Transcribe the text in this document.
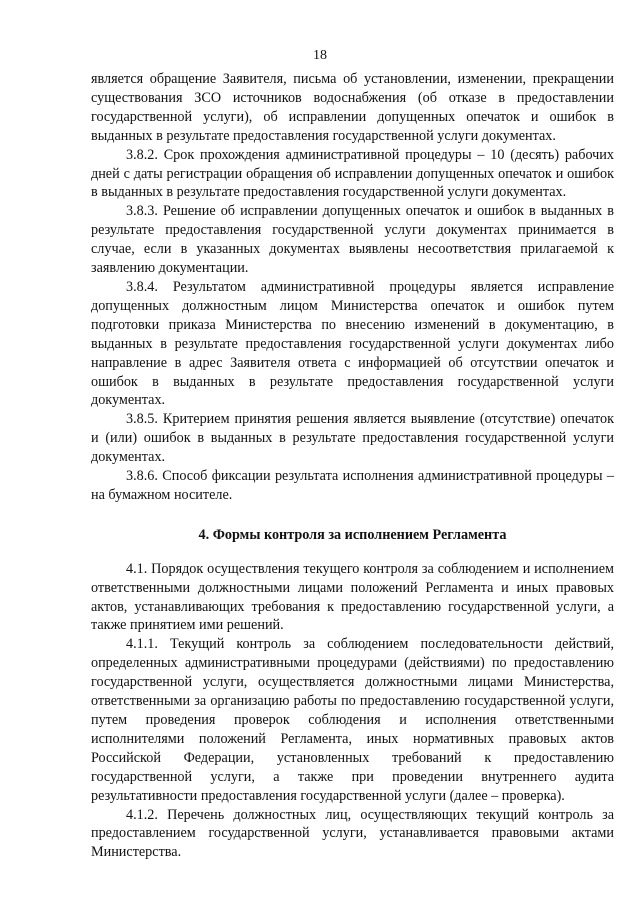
18

является обращение Заявителя, письма об установлении, изменении, прекращении существования ЗСО источников водоснабжения (об отказе в предоставлении государственной услуги), об исправлении допущенных опечаток и ошибок в выданных в результате предоставления государственной услуги документах.

3.8.2. Срок прохождения административной процедуры – 10 (десять) рабочих дней с даты регистрации обращения об исправлении допущенных опечаток и ошибок в выданных в результате предоставления государственной услуги документах.

3.8.3. Решение об исправлении допущенных опечаток и ошибок в выданных в результате предоставления государственной услуги документах принимается в случае, если в указанных документах выявлены несоответствия прилагаемой к заявлению документации.

3.8.4. Результатом административной процедуры является исправление допущенных должностным лицом Министерства опечаток и ошибок путем подготовки приказа Министерства по внесению изменений в документацию, в выданных в результате предоставления государственной услуги документах либо направление в адрес Заявителя ответа с информацией об отсутствии опечаток и ошибок в выданных в результате предоставления государственной услуги документах.

3.8.5. Критерием принятия решения является выявление (отсутствие) опечаток и (или) ошибок в выданных в результате предоставления государственной услуги документах.

3.8.6. Способ фиксации результата исполнения административной процедуры – на бумажном носителе.

4. Формы контроля за исполнением Регламента

4.1. Порядок осуществления текущего контроля за соблюдением и исполнением ответственными должностными лицами положений Регламента и иных правовых актов, устанавливающих требования к предоставлению государственной услуги, а также принятием ими решений.

4.1.1. Текущий контроль за соблюдением последовательности действий, определенных административными процедурами (действиями) по предоставлению государственной услуги, осуществляется должностными лицами Министерства, ответственными за организацию работы по предоставлению государственной услуги, путем проведения проверок соблюдения и исполнения ответственными исполнителями положений Регламента, иных нормативных правовых актов Российской Федерации, установленных требований к предоставлению государственной услуги, а также при проведении внутреннего аудита результативности предоставления государственной услуги (далее – проверка).

4.1.2. Перечень должностных лиц, осуществляющих текущий контроль за предоставлением государственной услуги, устанавливается правовыми актами Министерства.
